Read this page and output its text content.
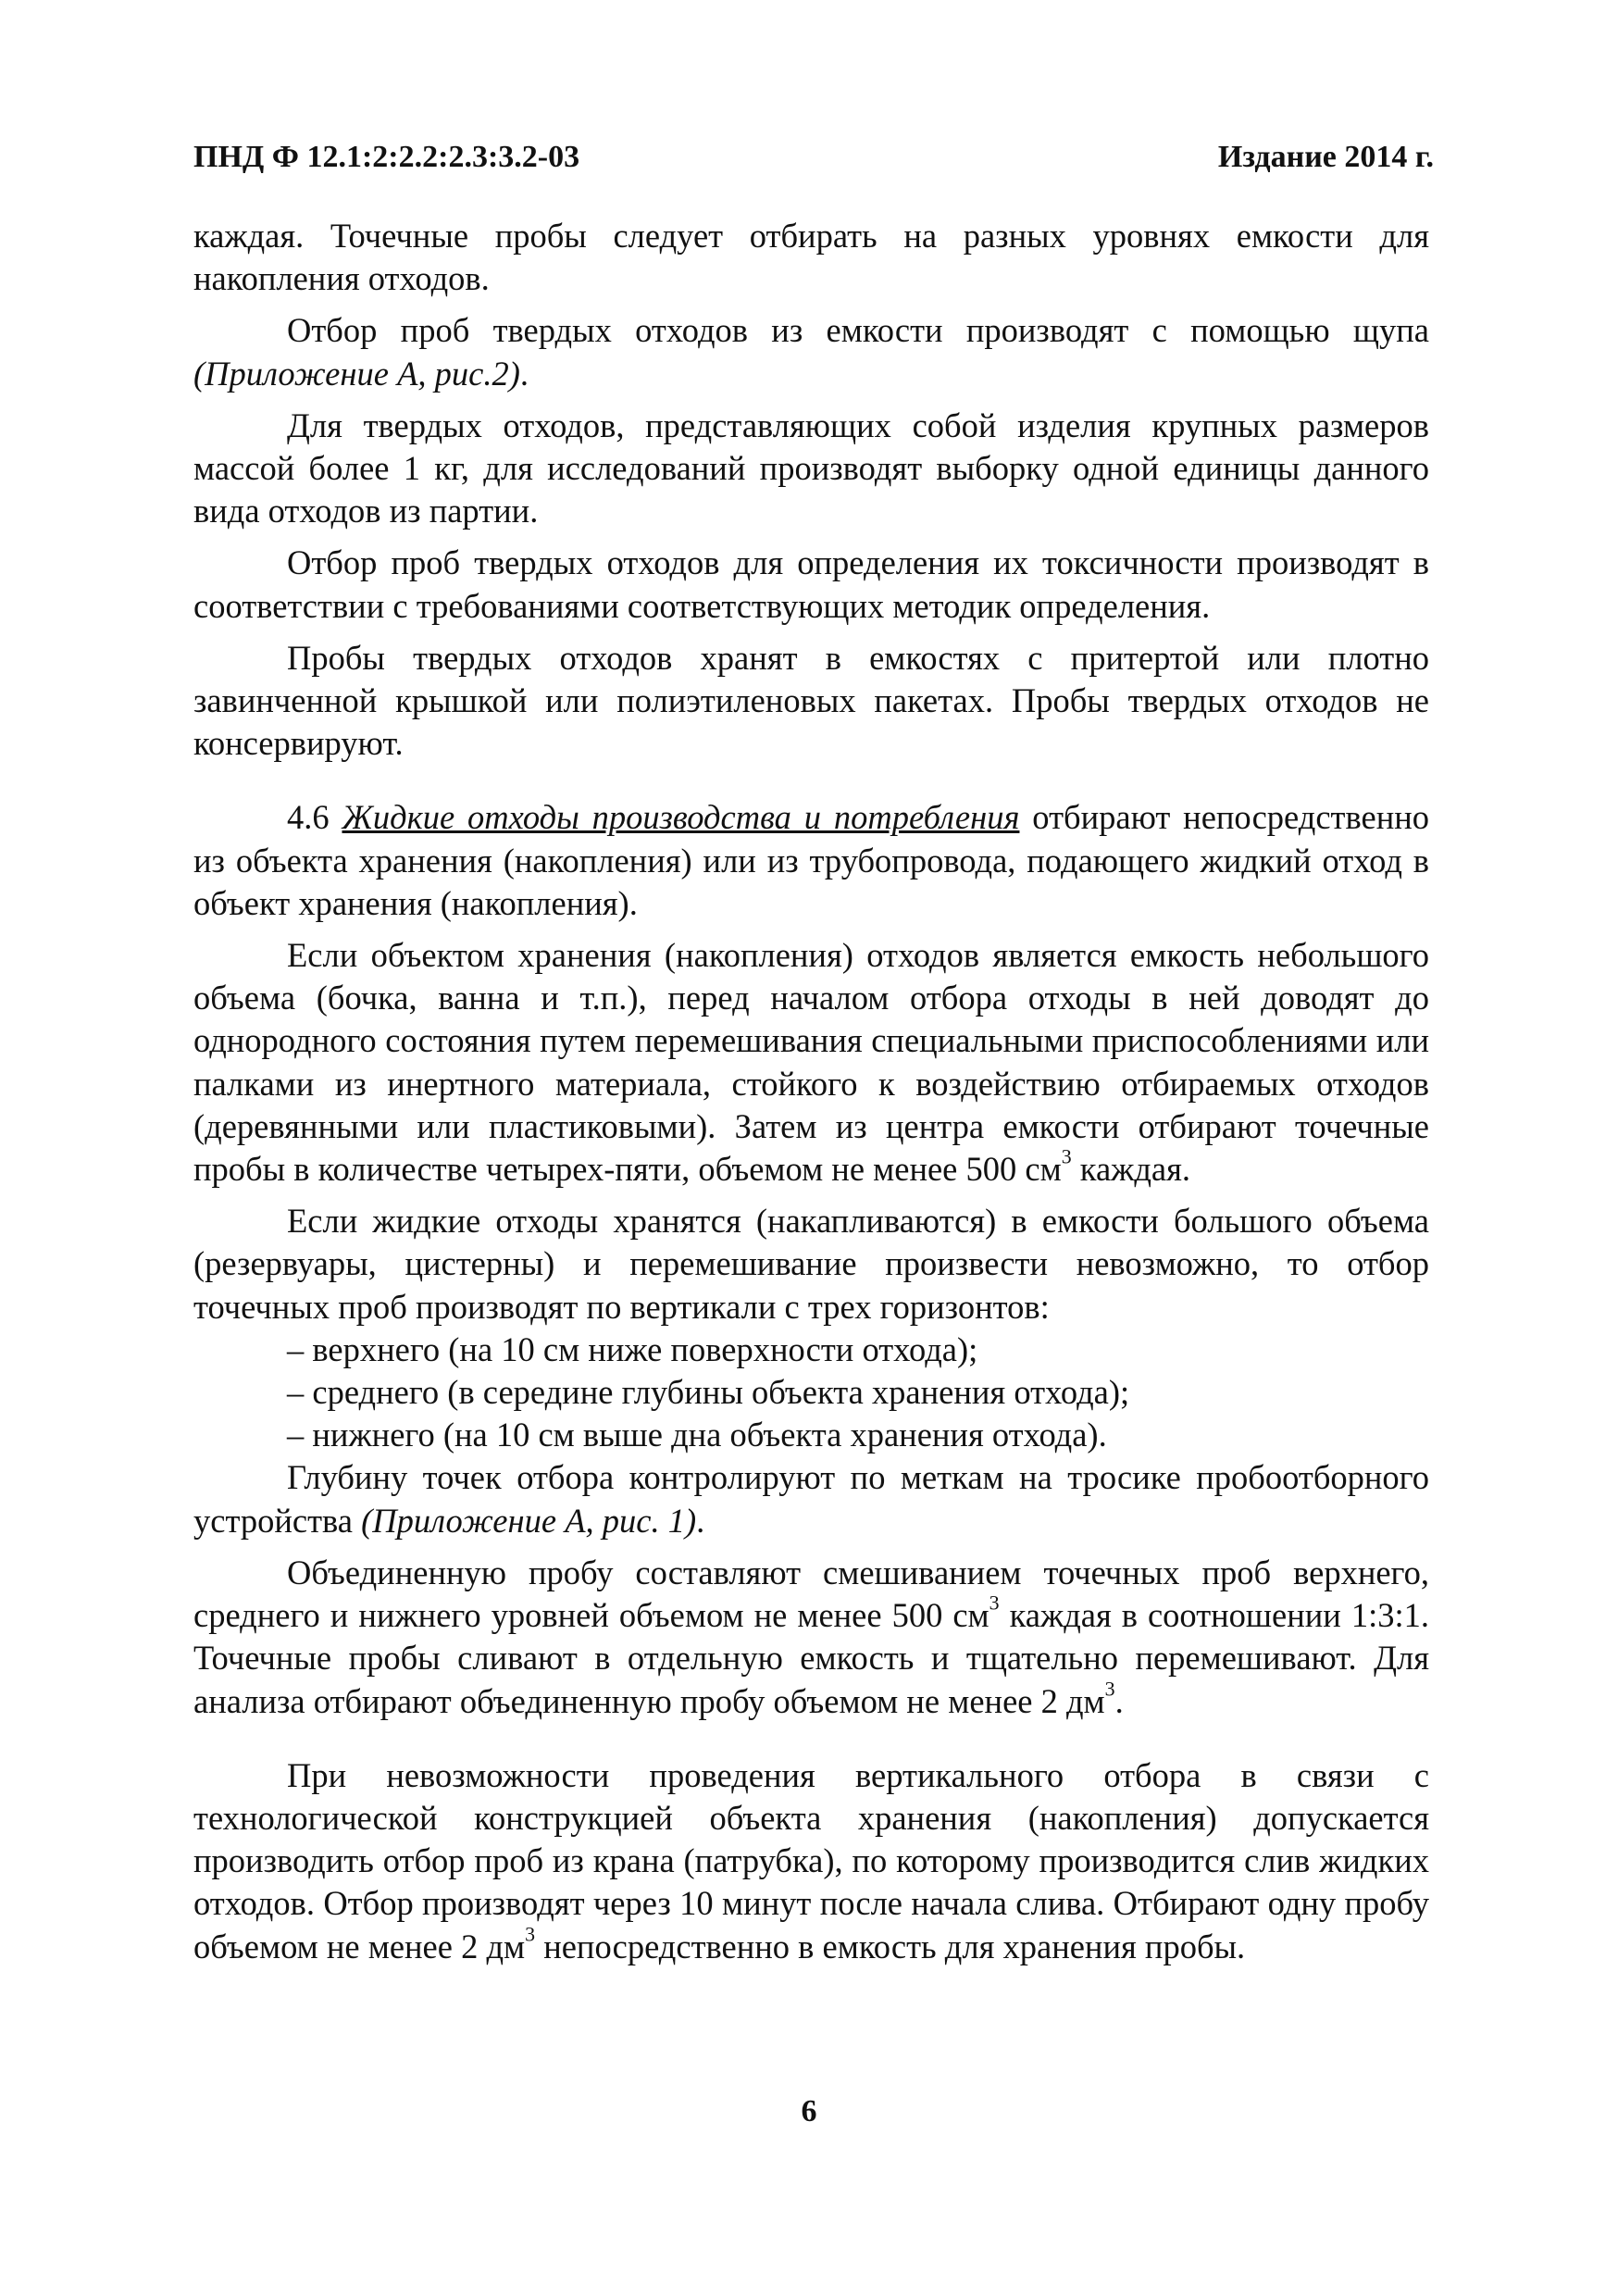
ПНД Ф 12.1:2:2.2:2.3:3.2-03	Издание 2014 г.

каждая. Точечные пробы следует отбирать на разных уровнях емкости для накопления отходов.

Отбор проб твердых отходов из емкости производят с помощью щупа (Приложение А, рис.2).

Для твердых отходов, представляющих собой изделия крупных размеров массой более 1 кг, для исследований производят выборку одной единицы данного вида отходов из партии.

Отбор проб твердых отходов для определения их токсичности производят в соответствии с требованиями соответствующих методик определения.

Пробы твердых отходов хранят в емкостях с притертой или плотно завинченной крышкой или полиэтиленовых пакетах. Пробы твердых отходов не консервируют.

4.6 Жидкие отходы производства и потребления отбирают непосредственно из объекта хранения (накопления) или из трубопровода, подающего жидкий отход в объект хранения (накопления).

Если объектом хранения (накопления) отходов является емкость небольшого объема (бочка, ванна и т.п.), перед началом отбора отходы в ней доводят до однородного состояния путем перемешивания специальными приспособлениями или палками из инертного материала, стойкого к воздействию отбираемых отходов (деревянными или пластиковыми). Затем из центра емкости отбирают точечные пробы в количестве четырех-пяти, объемом не менее 500 $см^3$ каждая.

Если жидкие отходы хранятся (накапливаются) в емкости большого объема (резервуары, цистерны) и перемешивание произвести невозможно, то отбор точечных проб производят по вертикали с трех горизонтов:

– верхнего (на 10 см ниже поверхности отхода);

– среднего (в середине глубины объекта хранения отхода);

– нижнего (на 10 см выше дна объекта хранения отхода).

Глубину точек отбора контролируют по меткам на тросике пробоотборного устройства (Приложение А, рис. 1).

Объединенную пробу составляют смешиванием точечных проб верхнего, среднего и нижнего уровней объемом не менее 500 $см^3$ каждая в соотношении 1:3:1. Точечные пробы сливают в отдельную емкость и тщательно перемешивают. Для анализа отбирают объединенную пробу объемом не менее 2 $дм^3$.

При невозможности проведения вертикального отбора в связи с технологической конструкцией объекта хранения (накопления) допускается производить отбор проб из крана (патрубка), по которому производится слив жидких отходов. Отбор производят через 10 минут после начала слива. Отбирают одну пробу объемом не менее 2 $дм^3$ непосредственно в емкость для хранения пробы.

6
